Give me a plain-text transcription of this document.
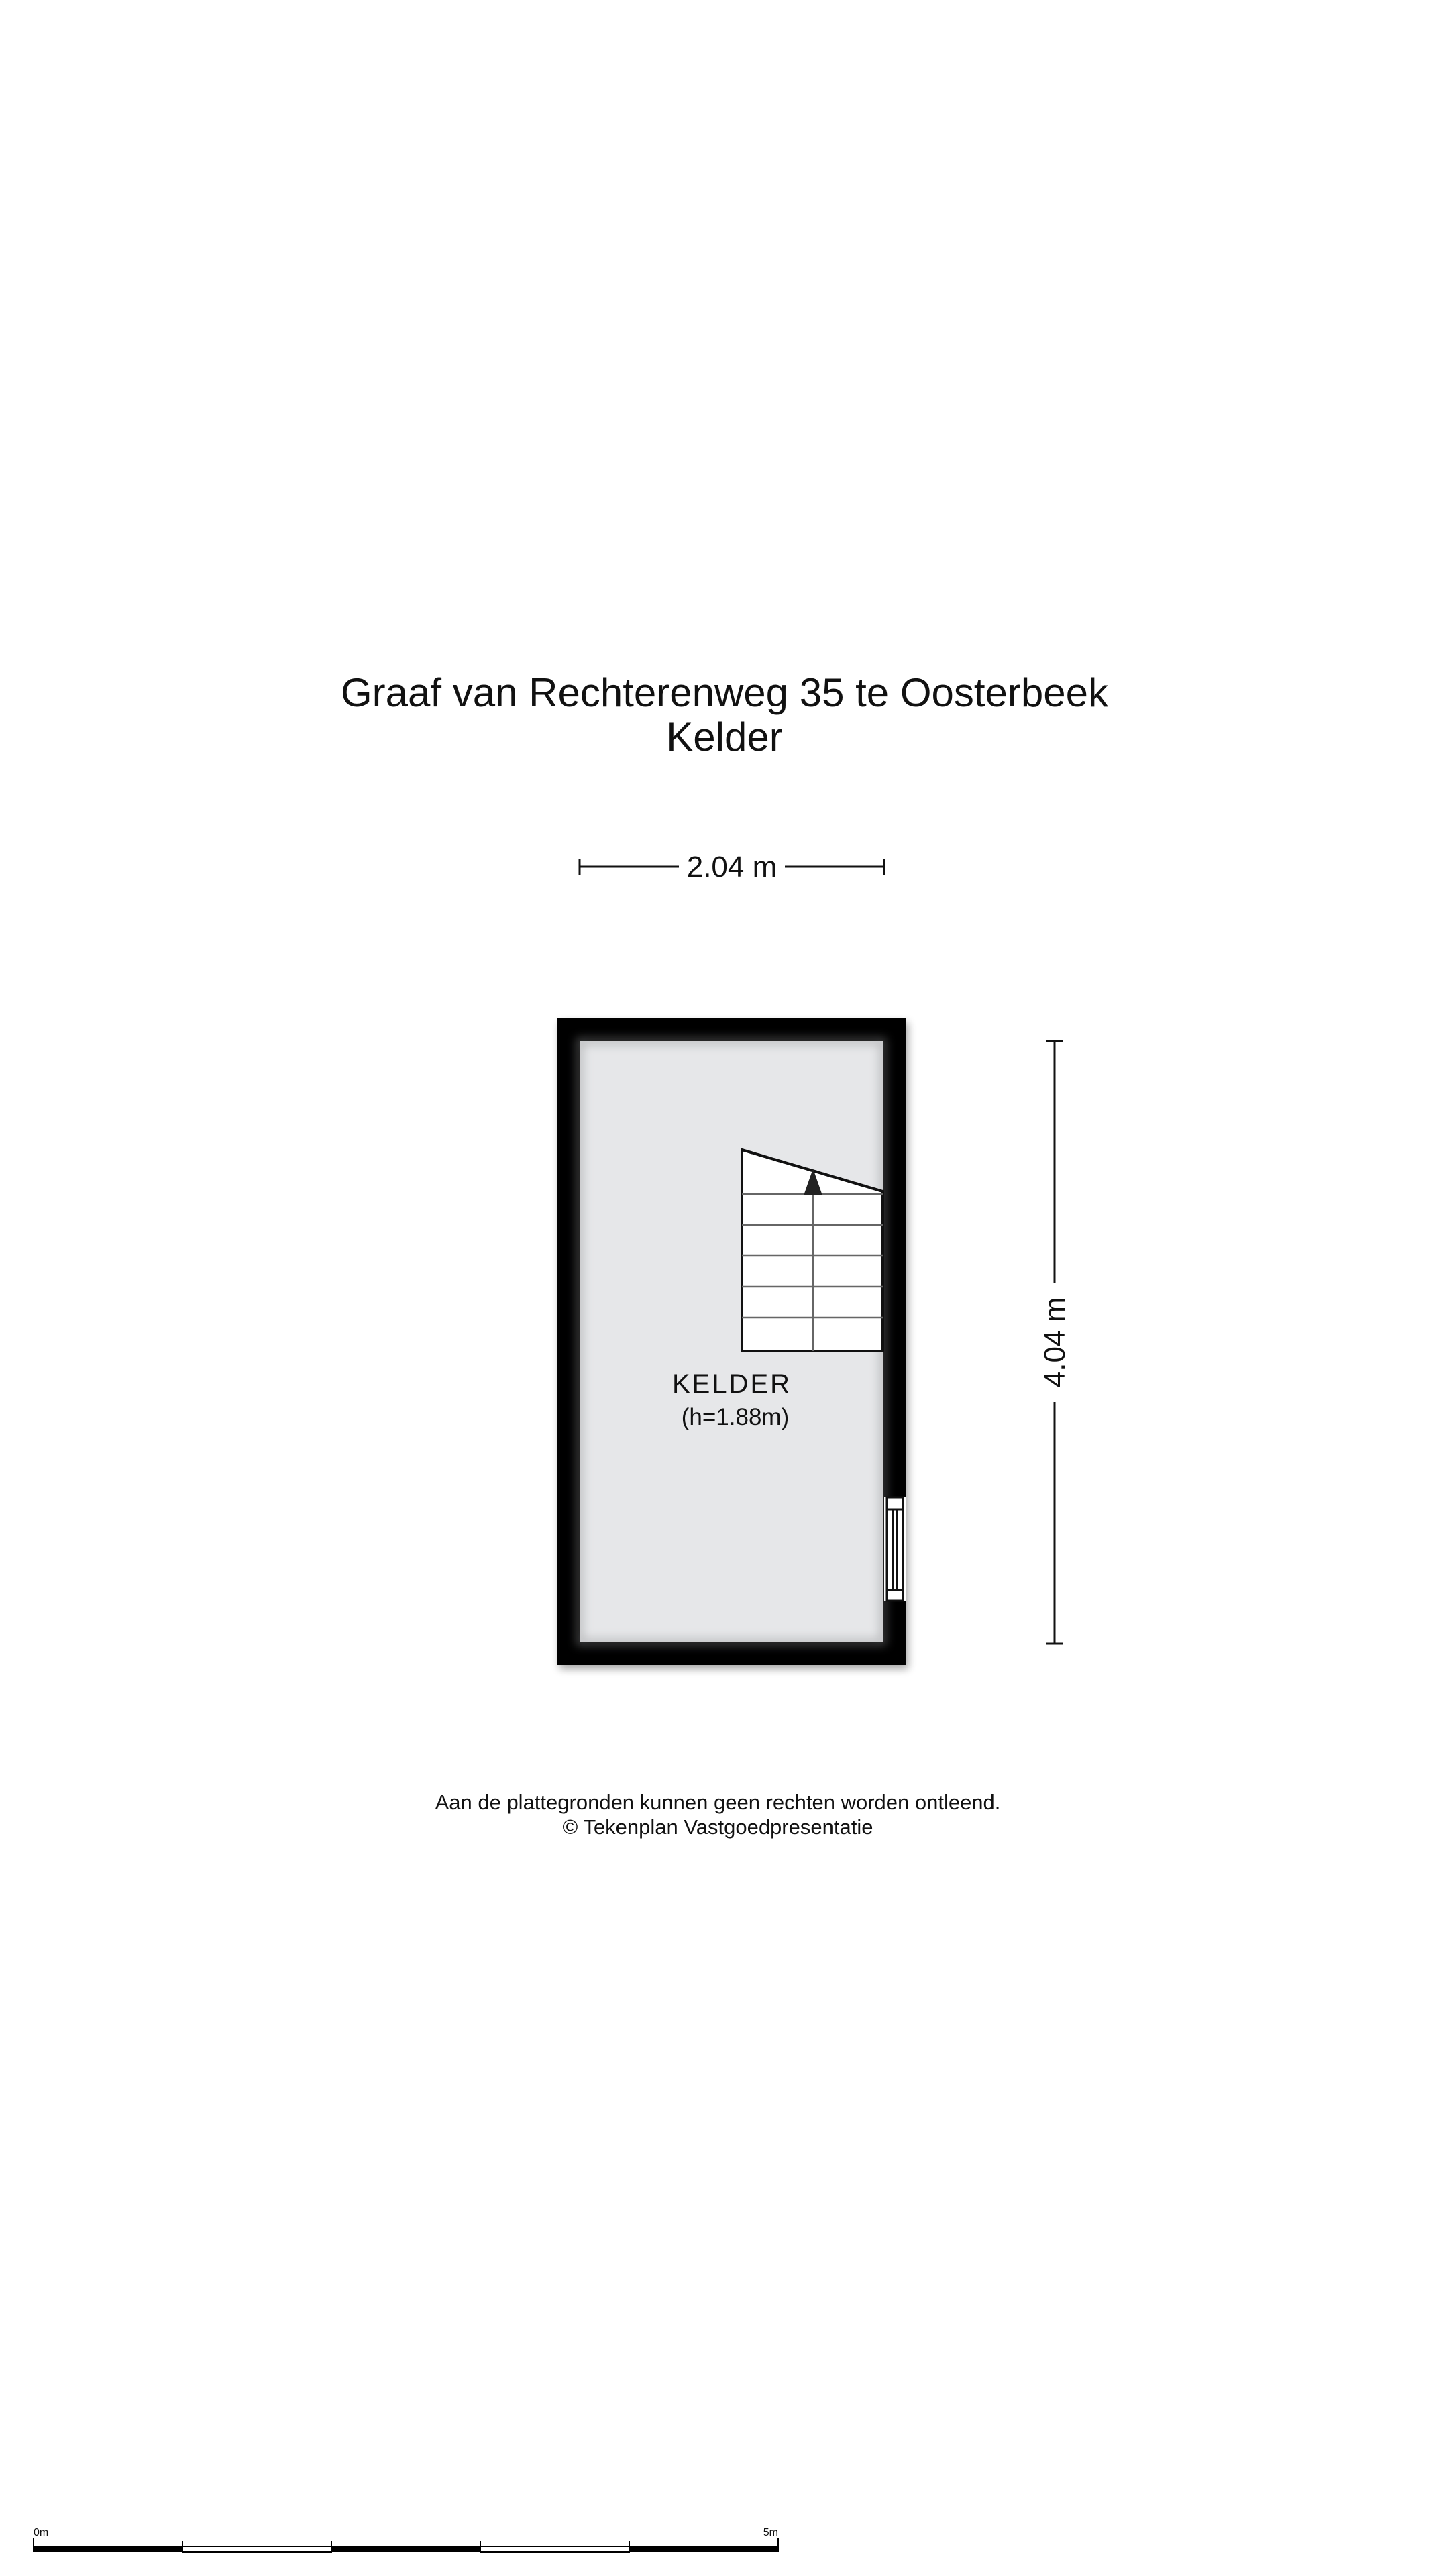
Graaf van Rechterenweg 35 te Oosterbeek
Kelder
2.04 m
4.04 m
KELDER
(h=1.88m)
0m	5m
Aan de plattegronden kunnen geen rechten worden ontleend.
© Tekenplan Vastgoedpresentatie
